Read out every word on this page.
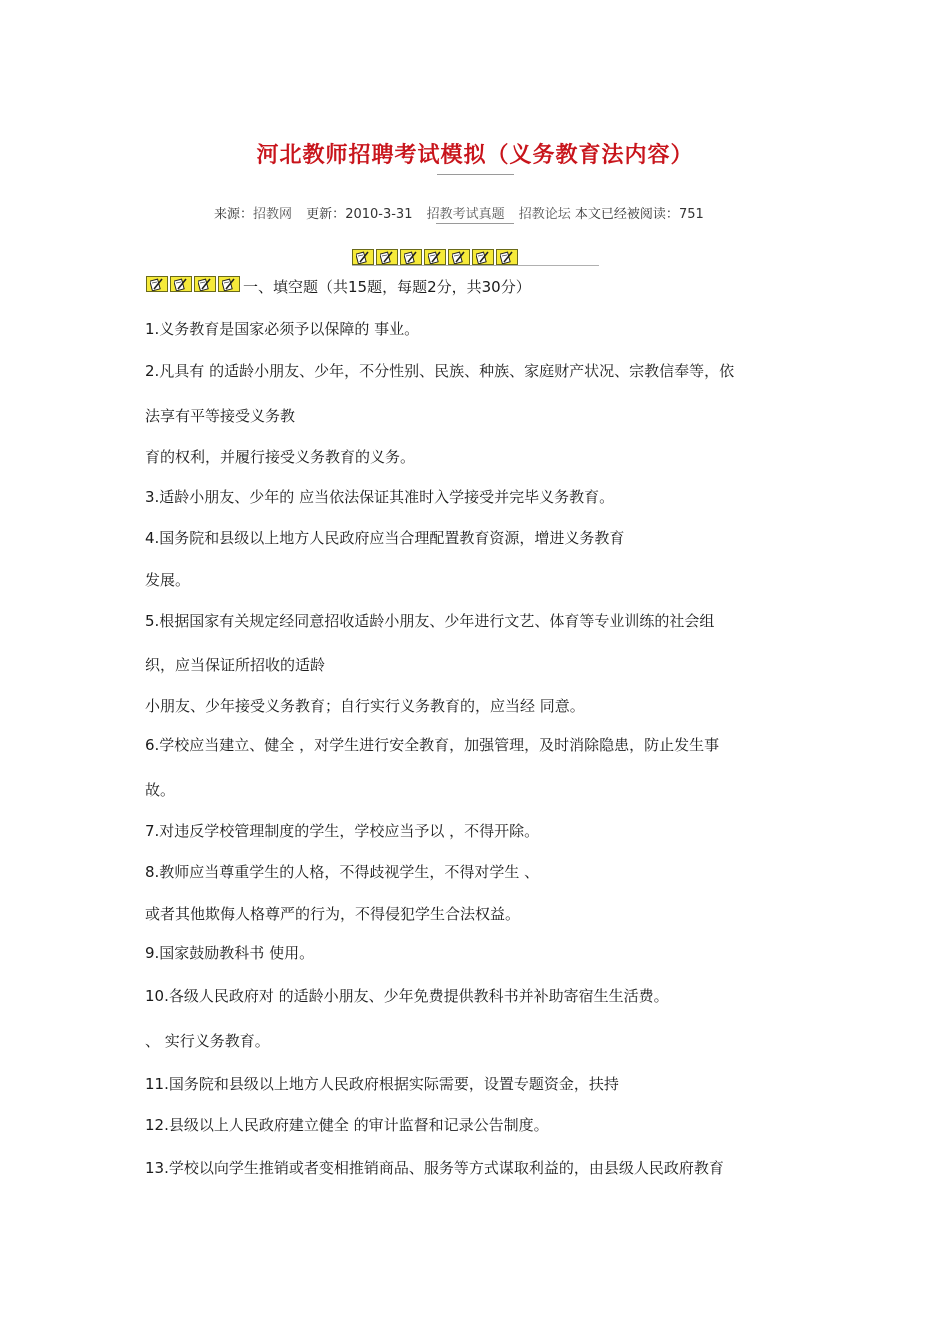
河北教师招聘考试模拟（义务教育法内容）
来源：招教网 更新：2010-3-31 招教考试真题 招教论坛 本文已经被阅读：751
一、填空题（共15题，每题2分，共30分）
1.义务教育是国家必须予以保障的 事业。
2.凡具有 的适龄小朋友、少年，不分性别、民族、种族、家庭财产状况、宗教信奉等，依
法享有平等接受义务教
育的权利，并履行接受义务教育的义务。
3.适龄小朋友、少年的 应当依法保证其准时入学接受并完毕义务教育。
4.国务院和县级以上地方人民政府应当合理配置教育资源，增进义务教育
发展。
5.根据国家有关规定经同意招收适龄小朋友、少年进行文艺、体育等专业训练的社会组
织，应当保证所招收的适龄
小朋友、少年接受义务教育；自行实行义务教育的，应当经 同意。
6.学校应当建立、健全 ，对学生进行安全教育，加强管理，及时消除隐患，防止发生事
故。
7.对违反学校管理制度的学生，学校应当予以 ，不得开除。
8.教师应当尊重学生的人格，不得歧视学生，不得对学生 、
或者其他欺侮人格尊严的行为，不得侵犯学生合法权益。
9.国家鼓励教科书 使用。
10.各级人民政府对 的适龄小朋友、少年免费提供教科书并补助寄宿生生活费。
、 实行义务教育。
11.国务院和县级以上地方人民政府根据实际需要，设置专题资金，扶持
12.县级以上人民政府建立健全 的审计监督和记录公告制度。
13.学校以向学生推销或者变相推销商品、服务等方式谋取利益的，由县级人民政府教育
